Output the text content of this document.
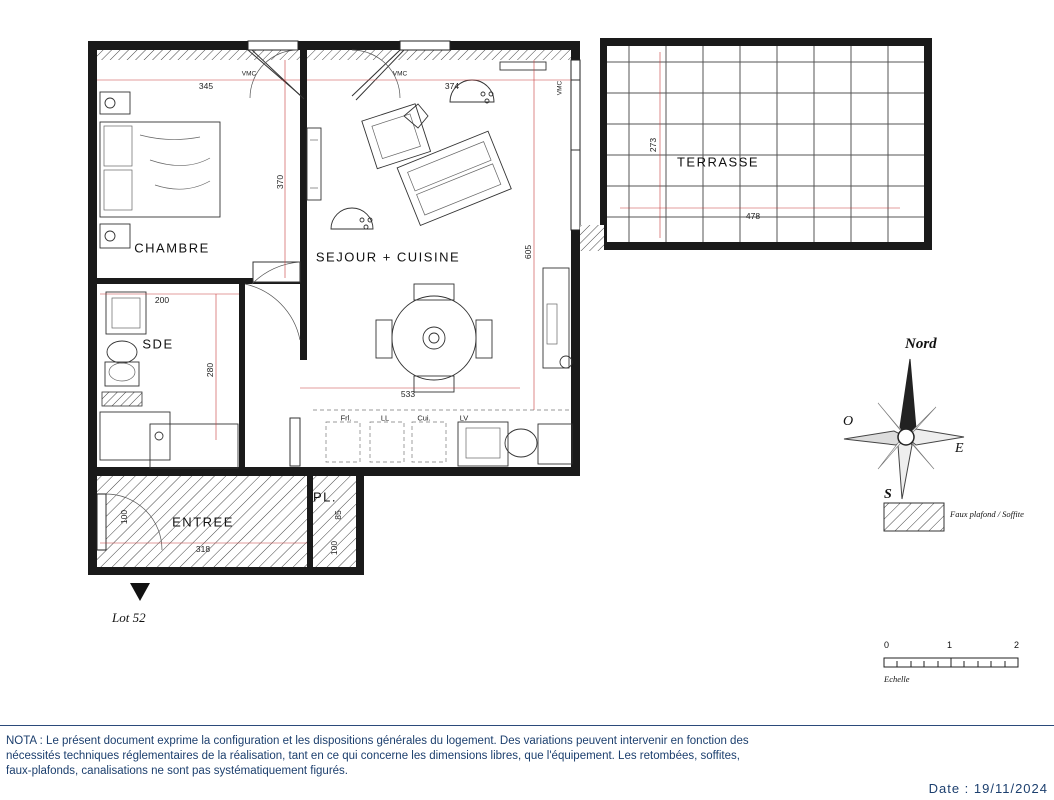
CHAMBRE
SDE
SEJOUR + CUISINE
ENTREE
PL.
TERRASSE
345	374
370
605
533
200
280
318
273
478
100	85
100
Frl.	LL	Cui.	LV
VMC	VMC
VMC
Lot 52
Nord
O
E
S
Faux plafond / Soffite
0	1	2
Echelle

NOTA : Le présent document exprime la configuration et les dispositions générales du logement. Des variations peuvent intervenir en fonction des

nécessités techniques réglementaires de la réalisation, tant en ce qui concerne les dimensions libres, que l'équipement. Les retombées, soffites,

faux-plafonds, canalisations ne sont pas systématiquement figurés.

Date : 19/11/2024
